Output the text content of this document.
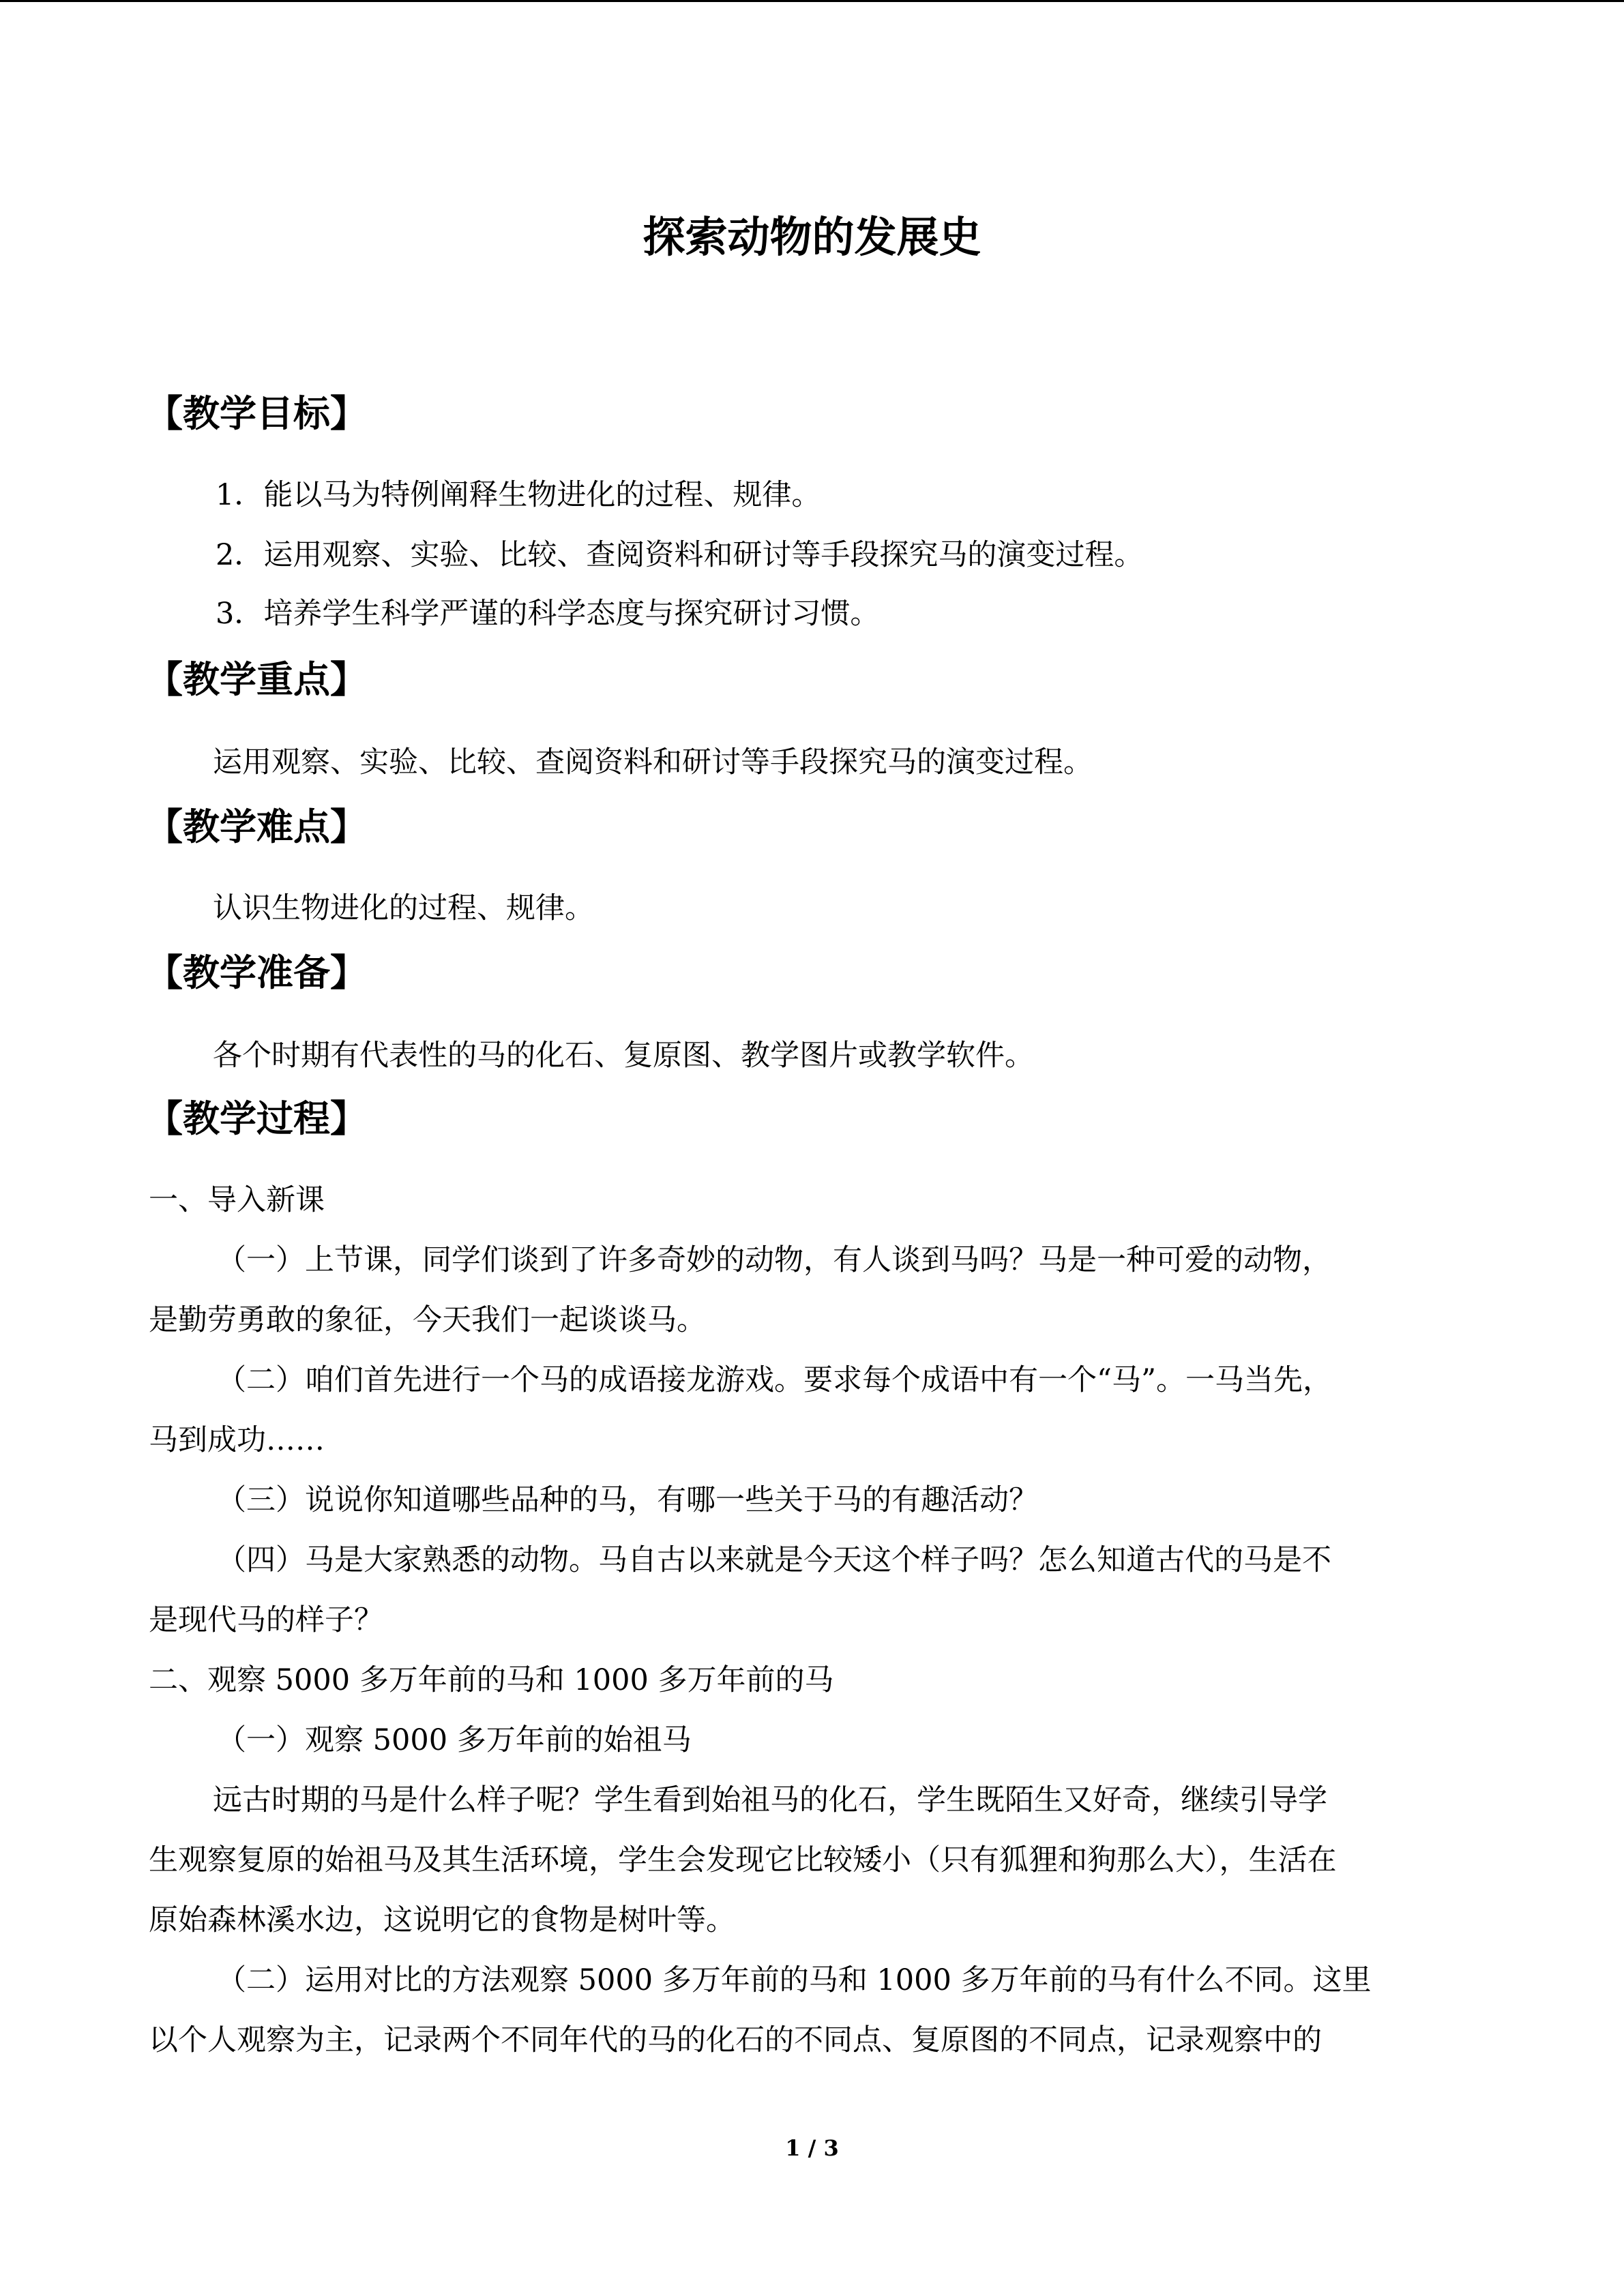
探索动物的发展史
【教学目标】

1．能以马为特例阐释生物进化的过程、规律。

2．运用观察、实验、比较、查阅资料和研讨等手段探究马的演变过程。

3．培养学生科学严谨的科学态度与探究研讨习惯。

【教学重点】

运用观察、实验、比较、查阅资料和研讨等手段探究马的演变过程。

【教学难点】

认识生物进化的过程、规律。

【教学准备】

各个时期有代表性的马的化石、复原图、教学图片或教学软件。

【教学过程】

一、导入新课

（一）上节课，同学们谈到了许多奇妙的动物，有人谈到马吗？马是一种可爱的动物，

是勤劳勇敢的象征，今天我们一起谈谈马。

（二）咱们首先进行一个马的成语接龙游戏。要求每个成语中有一个“马”。一马当先，

马到成功……

（三）说说你知道哪些品种的马，有哪一些关于马的有趣活动？

（四）马是大家熟悉的动物。马自古以来就是今天这个样子吗？怎么知道古代的马是不

是现代马的样子？

二、观察 5000 多万年前的马和 1000 多万年前的马

（一）观察 5000 多万年前的始祖马

远古时期的马是什么样子呢？学生看到始祖马的化石，学生既陌生又好奇，继续引导学

生观察复原的始祖马及其生活环境，学生会发现它比较矮小（只有狐狸和狗那么大），生活在

原始森林溪水边，这说明它的食物是树叶等。

（二）运用对比的方法观察 5000 多万年前的马和 1000 多万年前的马有什么不同。这里

以个人观察为主，记录两个不同年代的马的化石的不同点、复原图的不同点，记录观察中的

1 / 3
